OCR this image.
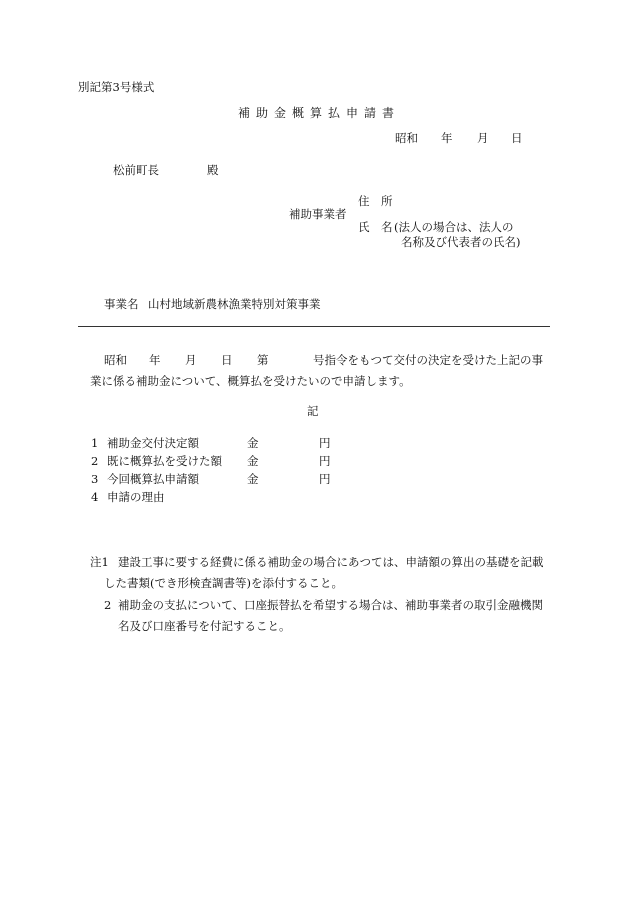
別記第3号様式
補助金概算払申請書
昭和 年 月 日
松前町長	殿
住　所
補助事業者
氏　名 (法人の場合は、法人の
名称及び代表者の氏名)
事業名 山村地域新農林漁業特別対策事業
昭和 年 月 日 第	号指令をもつて交付の決定を受けた上記の事
業に係る補助金について、概算払を受けたいので申請します。
記
1 補助金交付決定額	金	円
2 既に概算払を受けた額 金	円
3 今回概算払申請額	金	円
4 申請の理由
注1 建設工事に要する経費に係る補助金の場合にあつては、申請額の算出の基礎を記載
した書類(でき形検査調書等)を添付すること。
2 補助金の支払について、口座振替払を希望する場合は、補助事業者の取引金融機関
名及び口座番号を付記すること。
